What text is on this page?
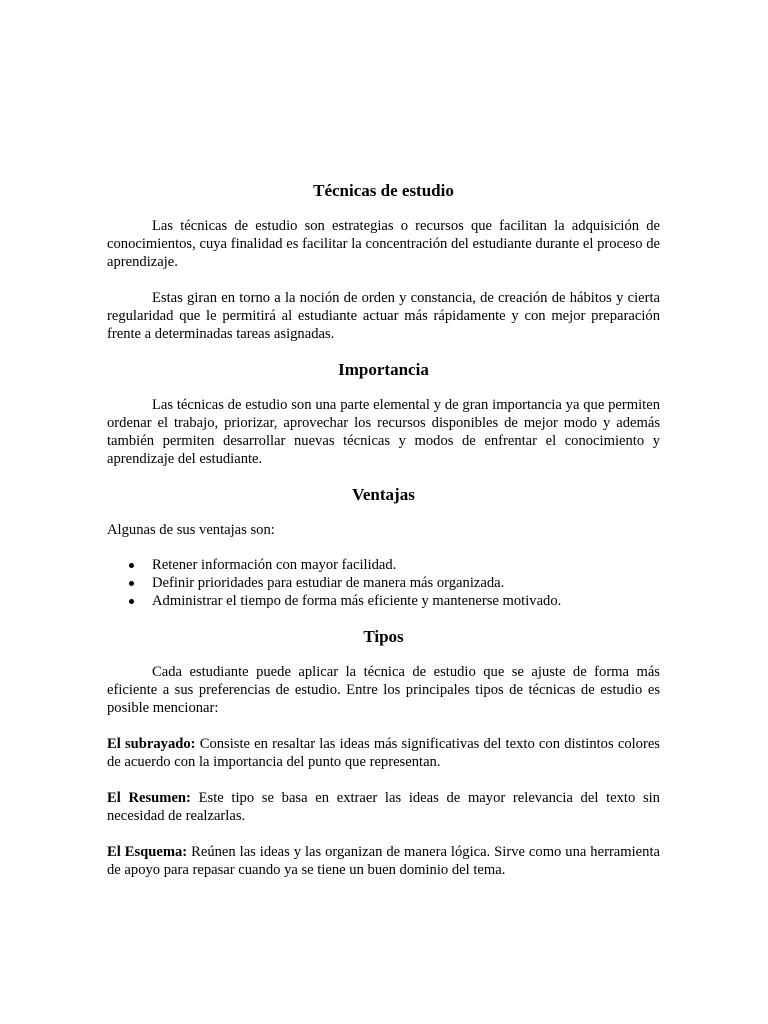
Técnicas de estudio

Las técnicas de estudio son estrategias o recursos que facilitan la adquisición de conocimientos, cuya finalidad es facilitar la concentración del estudiante durante el proceso de aprendizaje.

Estas giran en torno a la noción de orden y constancia, de creación de hábitos y cierta regularidad que le permitirá al estudiante actuar más rápidamente y con mejor preparación frente a determinadas tareas asignadas.

Importancia

Las técnicas de estudio son una parte elemental y de gran importancia ya que permiten ordenar el trabajo, priorizar, aprovechar los recursos disponibles de mejor modo y además también permiten desarrollar nuevas técnicas y modos de enfrentar el conocimiento y aprendizaje del estudiante.

Ventajas

Algunas de sus ventajas son:

Retener información con mayor facilidad.
Definir prioridades para estudiar de manera más organizada.
Administrar el tiempo de forma más eficiente y mantenerse motivado.
Tipos

Cada estudiante puede aplicar la técnica de estudio que se ajuste de forma más eficiente a sus preferencias de estudio. Entre los principales tipos de técnicas de estudio es posible mencionar:

El subrayado: Consiste en resaltar las ideas más significativas del texto con distintos colores de acuerdo con la importancia del punto que representan.

El Resumen: Este tipo se basa en extraer las ideas de mayor relevancia del texto sin necesidad de realzarlas.

El Esquema: Reúnen las ideas y las organizan de manera lógica. Sirve como una herramienta de apoyo para repasar cuando ya se tiene un buen dominio del tema.
